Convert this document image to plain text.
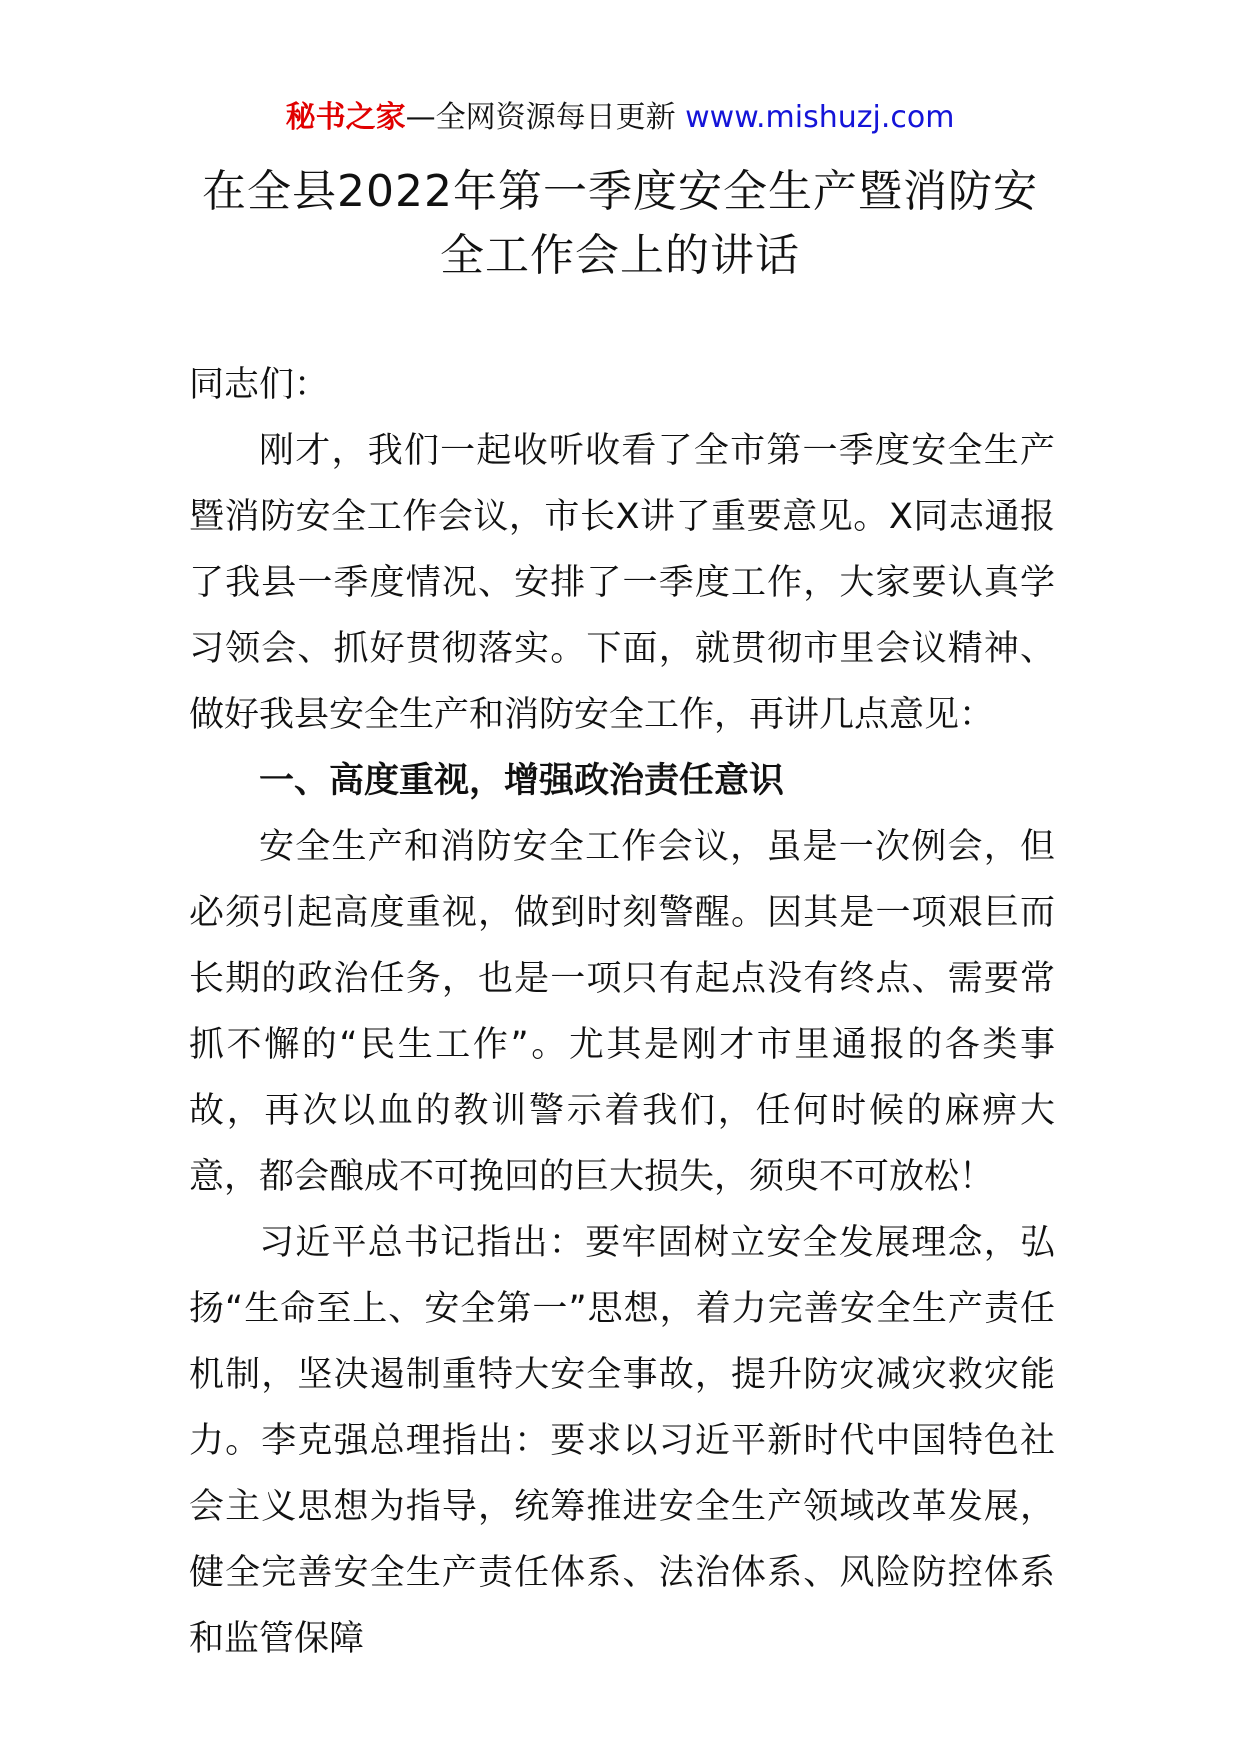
秘书之家—全网资源每日更新 www.mishuzj.com
在全县2022年第一季度安全生产暨消防安全工作会上的讲话

同志们：

刚才，我们一起收听收看了全市第一季度安全生产暨消防安全工作会议，市长X讲了重要意见。X同志通报了我县一季度情况、安排了一季度工作，大家要认真学习领会、抓好贯彻落实。下面，就贯彻市里会议精神、做好我县安全生产和消防安全工作，再讲几点意见：

一、高度重视，增强政治责任意识

安全生产和消防安全工作会议，虽是一次例会，但必须引起高度重视，做到时刻警醒。因其是一项艰巨而长期的政治任务，也是一项只有起点没有终点、需要常抓不懈的“民生工作”。尤其是刚才市里通报的各类事故，再次以血的教训警示着我们，任何时候的麻痹大意，都会酿成不可挽回的巨大损失，须臾不可放松！

习近平总书记指出：要牢固树立安全发展理念，弘扬“生命至上、安全第一”思想，着力完善安全生产责任机制，坚决遏制重特大安全事故，提升防灾减灾救灾能力。李克强总理指出：要求以习近平新时代中国特色社会主义思想为指导，统筹推进安全生产领域改革发展，健全完善安全生产责任体系、法治体系、风险防控体系和监管保障
